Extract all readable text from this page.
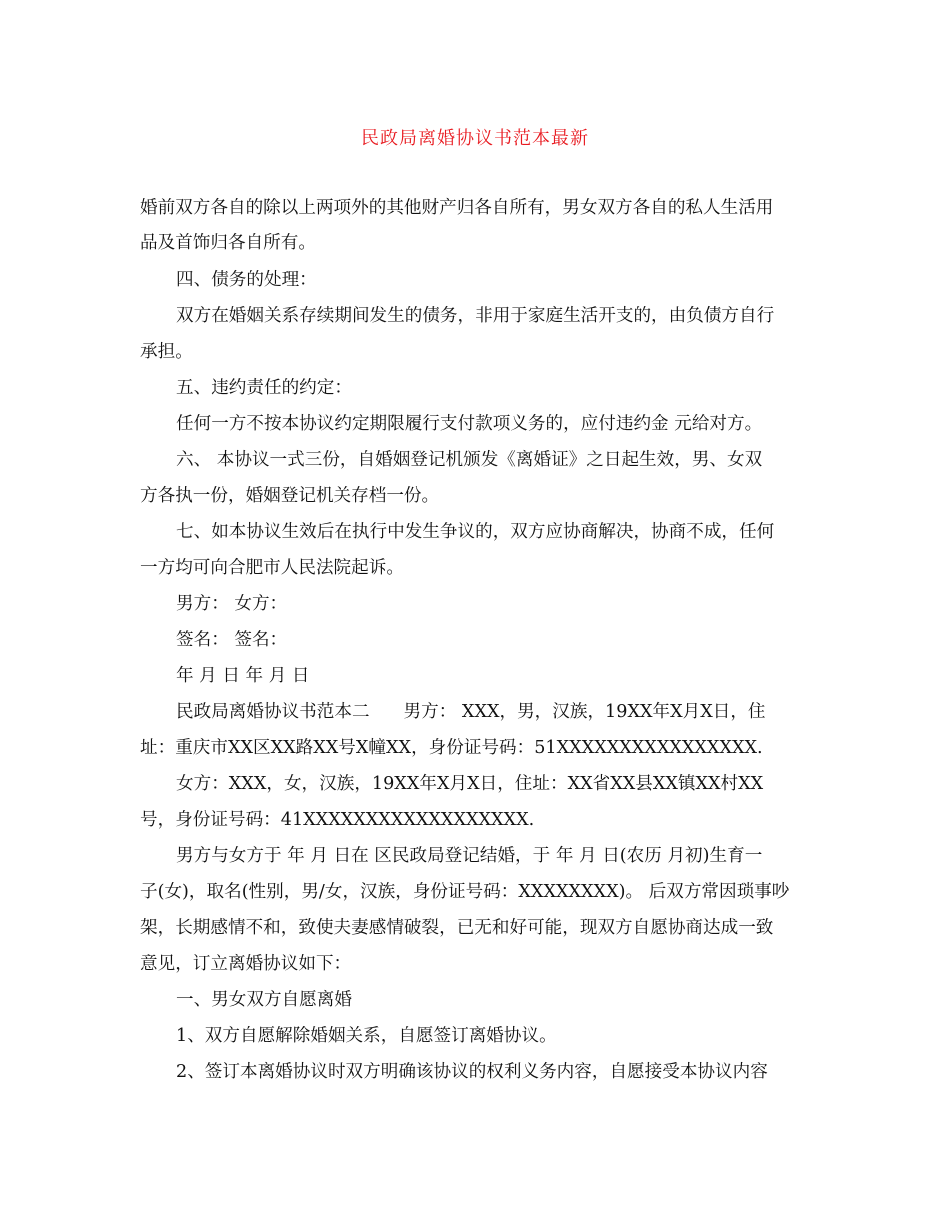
民政局离婚协议书范本最新
婚前双方各自的除以上两项外的其他财产归各自所有，男女双方各自的私人生活用
品及首饰归各自所有。
四、债务的处理：
双方在婚姻关系存续期间发生的债务，非用于家庭生活开支的，由负债方自行
承担。
五、违约责任的约定：
任何一方不按本协议约定期限履行支付款项义务的，应付违约金 元给对方。
六、 本协议一式三份，自婚姻登记机颁发《离婚证》之日起生效，男、女双
方各执一份，婚姻登记机关存档一份。
七、如本协议生效后在执行中发生争议的，双方应协商解决，协商不成，任何
一方均可向合肥市人民法院起诉。
男方： 女方：
签名： 签名：
年 月 日 年 月 日
民政局离婚协议书范本二 男方： XXX，男，汉族，19XX年X月X日，住
址：重庆市XX区XX路XX号X幢XX，身份证号码：51XXXXXXXXXXXXXXXX.
女方：XXX，女，汉族，19XX年X月X日，住址：XX省XX县XX镇XX村XX
号，身份证号码：41XXXXXXXXXXXXXXXXXX.
男方与女方于 年 月 日在 区民政局登记结婚，于 年 月 日(农历 月初)生育一
子(女)，取名(性别，男/女，汉族，身份证号码：XXXXXXXX)。 后双方常因琐事吵
架，长期感情不和，致使夫妻感情破裂，已无和好可能，现双方自愿协商达成一致
意见，订立离婚协议如下：
一、男女双方自愿离婚
1、双方自愿解除婚姻关系，自愿签订离婚协议。
2、签订本离婚协议时双方明确该协议的权利义务内容，自愿接受本协议内容
